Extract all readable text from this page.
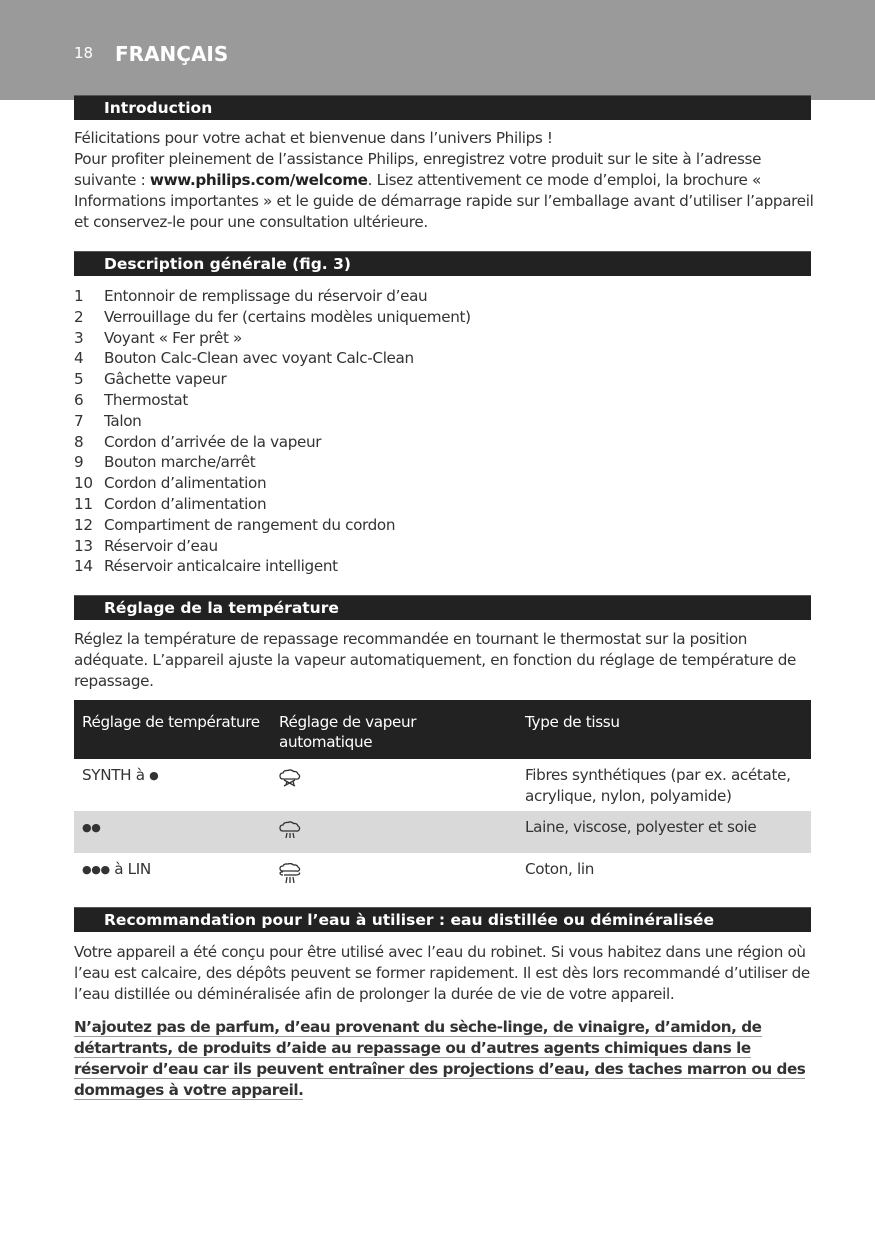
18 FRANÇAIS
Introduction

Félicitations pour votre achat et bienvenue dans l’univers Philips !

Pour profiter pleinement de l’assistance Philips, enregistrez votre produit sur le site à l’adresse suivante : www.philips.com/welcome. Lisez attentivement ce mode d’emploi, la brochure « Informations importantes » et le guide de démarrage rapide sur l’emballage avant d’utiliser l’appareil et conservez-le pour une consultation ultérieure.

Description générale (fig. 3)
1 Entonnoir de remplissage du réservoir d’eau
2 Verrouillage du fer (certains modèles uniquement)
3 Voyant « Fer prêt »
4 Bouton Calc-Clean avec voyant Calc-Clean
5 Gâchette vapeur
6 Thermostat
7 Talon
8 Cordon d’arrivée de la vapeur
9 Bouton marche/arrêt
10 Cordon d’alimentation
11 Cordon d’alimentation
12 Compartiment de rangement du cordon
13 Réservoir d’eau
14 Réservoir anticalcaire intelligent
Réglage de la température
Réglez la température de repassage recommandée en tournant le thermostat sur la position adéquate. L’appareil ajuste la vapeur automatiquement, en fonction du réglage de température de repassage.
Réglage de température	Réglage de vapeur automatique	Type de tissu
SYNTH à ●		Fibres synthétiques (par ex. acétate, acrylique, nylon, polyamide)
●●		Laine, viscose, polyester et soie
●●● à LIN		Coton, lin
Recommandation pour l’eau à utiliser : eau distillée ou déminéralisée
Votre appareil a été conçu pour être utilisé avec l’eau du robinet. Si vous habitez dans une région où l’eau est calcaire, des dépôts peuvent se former rapidement. Il est dès lors recommandé d’utiliser de l’eau distillée ou déminéralisée afin de prolonger la durée de vie de votre appareil.
N’ajoutez pas de parfum, d’eau provenant du sèche-linge, de vinaigre, d’amidon, de détartrants, de produits d’aide au repassage ou d’autres agents chimiques dans le réservoir d’eau car ils peuvent entraîner des projections d’eau, des taches marron ou des dommages à votre appareil.
